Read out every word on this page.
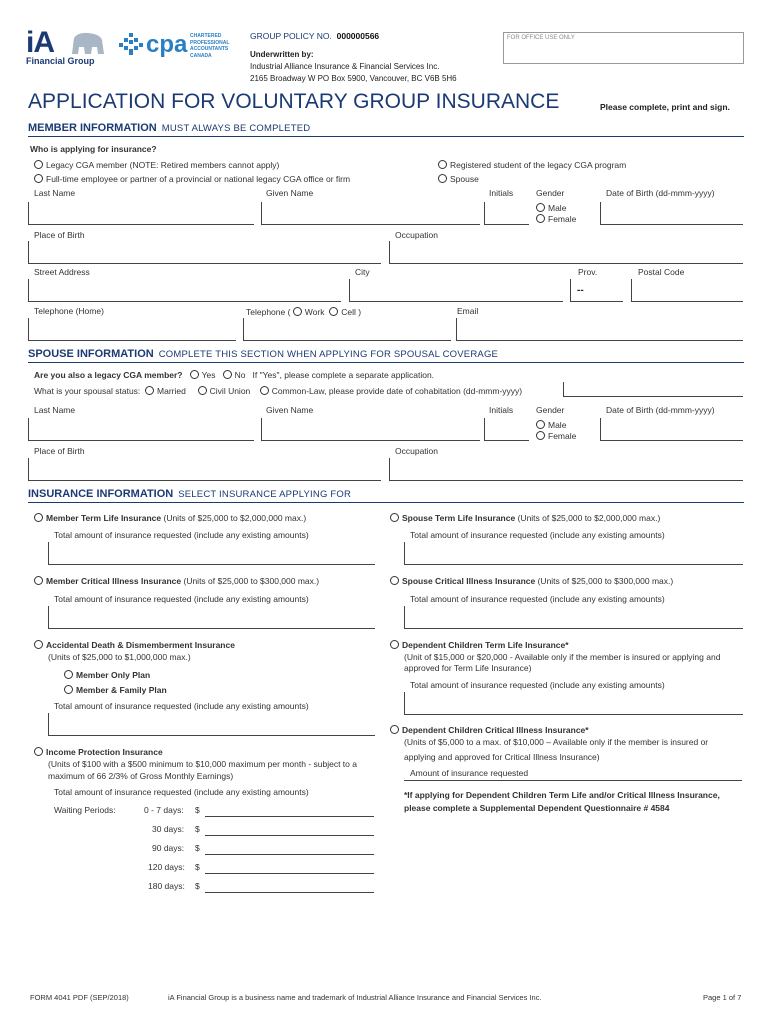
iA
Financial Group
cpa CHARTERED
PROFESSIONAL
ACCOUNTANTS
CANADA
GROUP POLICY NO. 000000566
Underwritten by:
Industrial Alliance Insurance & Financial Services Inc.
2165 Broadway W PO Box 5900, Vancouver, BC V6B 5H6
FOR OFFICE USE ONLY
APPLICATION FOR VOLUNTARY GROUP INSURANCE	Please complete, print and sign.
MEMBER INFORMATION MUST ALWAYS BE COMPLETED
Who is applying for insurance?
Legacy CGA member (NOTE: Retired members cannot apply)
Full-time employee or partner of a provincial or national legacy CGA office or firm
Registered student of the legacy CGA program
Spouse
Last Name	Given Name	Initials	Gender	Date of Birth (dd-mmm-yyyy)
Male
Female
Place of Birth	Occupation
Street Address	City	Prov.	Postal Code
--
Telephone (Home)	Telephone ( Work Cell )	Email
SPOUSE INFORMATION COMPLETE THIS SECTION WHEN APPLYING FOR SPOUSAL COVERAGE
Are you also a legacy CGA member? Yes No If "Yes", please complete a separate application.
What is your spousal status: Married	Civil Union	Common-Law, please provide date of cohabitation (dd-mmm-yyyy)
Last Name	Given Name	Initials	Gender	Date of Birth (dd-mmm-yyyy)
Male
Female
Place of Birth	Occupation
INSURANCE INFORMATION SELECT INSURANCE APPLYING FOR
Member Term Life Insurance (Units of $25,000 to $2,000,000 max.)
Total amount of insurance requested (include any existing amounts)
Member Critical Illness Insurance (Units of $25,000 to $300,000 max.)
Total amount of insurance requested (include any existing amounts)
Accidental Death & Dismemberment Insurance
(Units of $25,000 to $1,000,000 max.)
Member Only Plan
Member & Family Plan
Total amount of insurance requested (include any existing amounts)
Income Protection Insurance
(Units of $100 with a $500 minimum to $10,000 maximum per month - subject to a
maximum of 66 2/3% of Gross Monthly Earnings)
Total amount of insurance requested (include any existing amounts)
Waiting Periods:	0 - 7 days: $
30 days: $
90 days: $
120 days: $
180 days: $
Spouse Term Life Insurance (Units of $25,000 to $2,000,000 max.)
Total amount of insurance requested (include any existing amounts)
Spouse Critical Illness Insurance (Units of $25,000 to $300,000 max.)
Total amount of insurance requested (include any existing amounts)
Dependent Children Term Life Insurance*
(Unit of $15,000 or $20,000 - Available only if the member is insured or applying and
approved for Term Life Insurance)
Total amount of insurance requested (include any existing amounts)
Dependent Children Critical Illness Insurance*
(Units of $5,000 to a max. of $10,000 – Available only if the member is insured or
applying and approved for Critical Illness Insurance)
Amount of insurance requested
*If applying for Dependent Children Term Life and/or Critical Illness Insurance,
please complete a Supplemental Dependent Questionnaire # 4584
FORM 4041 PDF (SEP/2018)	iA Financial Group is a business name and trademark of Industrial Alliance Insurance and Financial Services Inc.	Page 1 of 7
